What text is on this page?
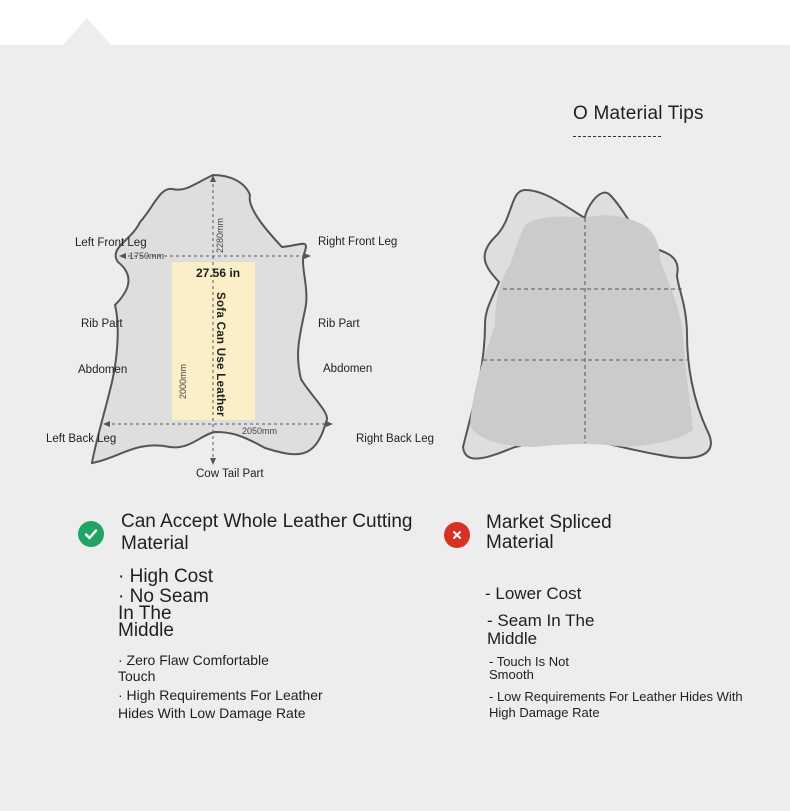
O Material Tips
27.56 in
Sofa Can Use Leather
2280mm
1750mm
2050mm
2000mm
Left Front Leg	Right Front Leg
Rib Part	Rib Part
Abdomen	Abdomen
Left Back Leg	Right Back Leg
Cow Tail Part
Can Accept Whole Leather Cutting
Material
· High Cost
· No Seam
In The
Middle
· Zero Flaw Comfortable
Touch
· High Requirements For Leather
Hides With Low Damage Rate
Market Spliced
Material
- Lower Cost
- Seam In The
Middle
- Touch Is Not
Smooth
- Low Requirements For Leather Hides With
High Damage Rate
